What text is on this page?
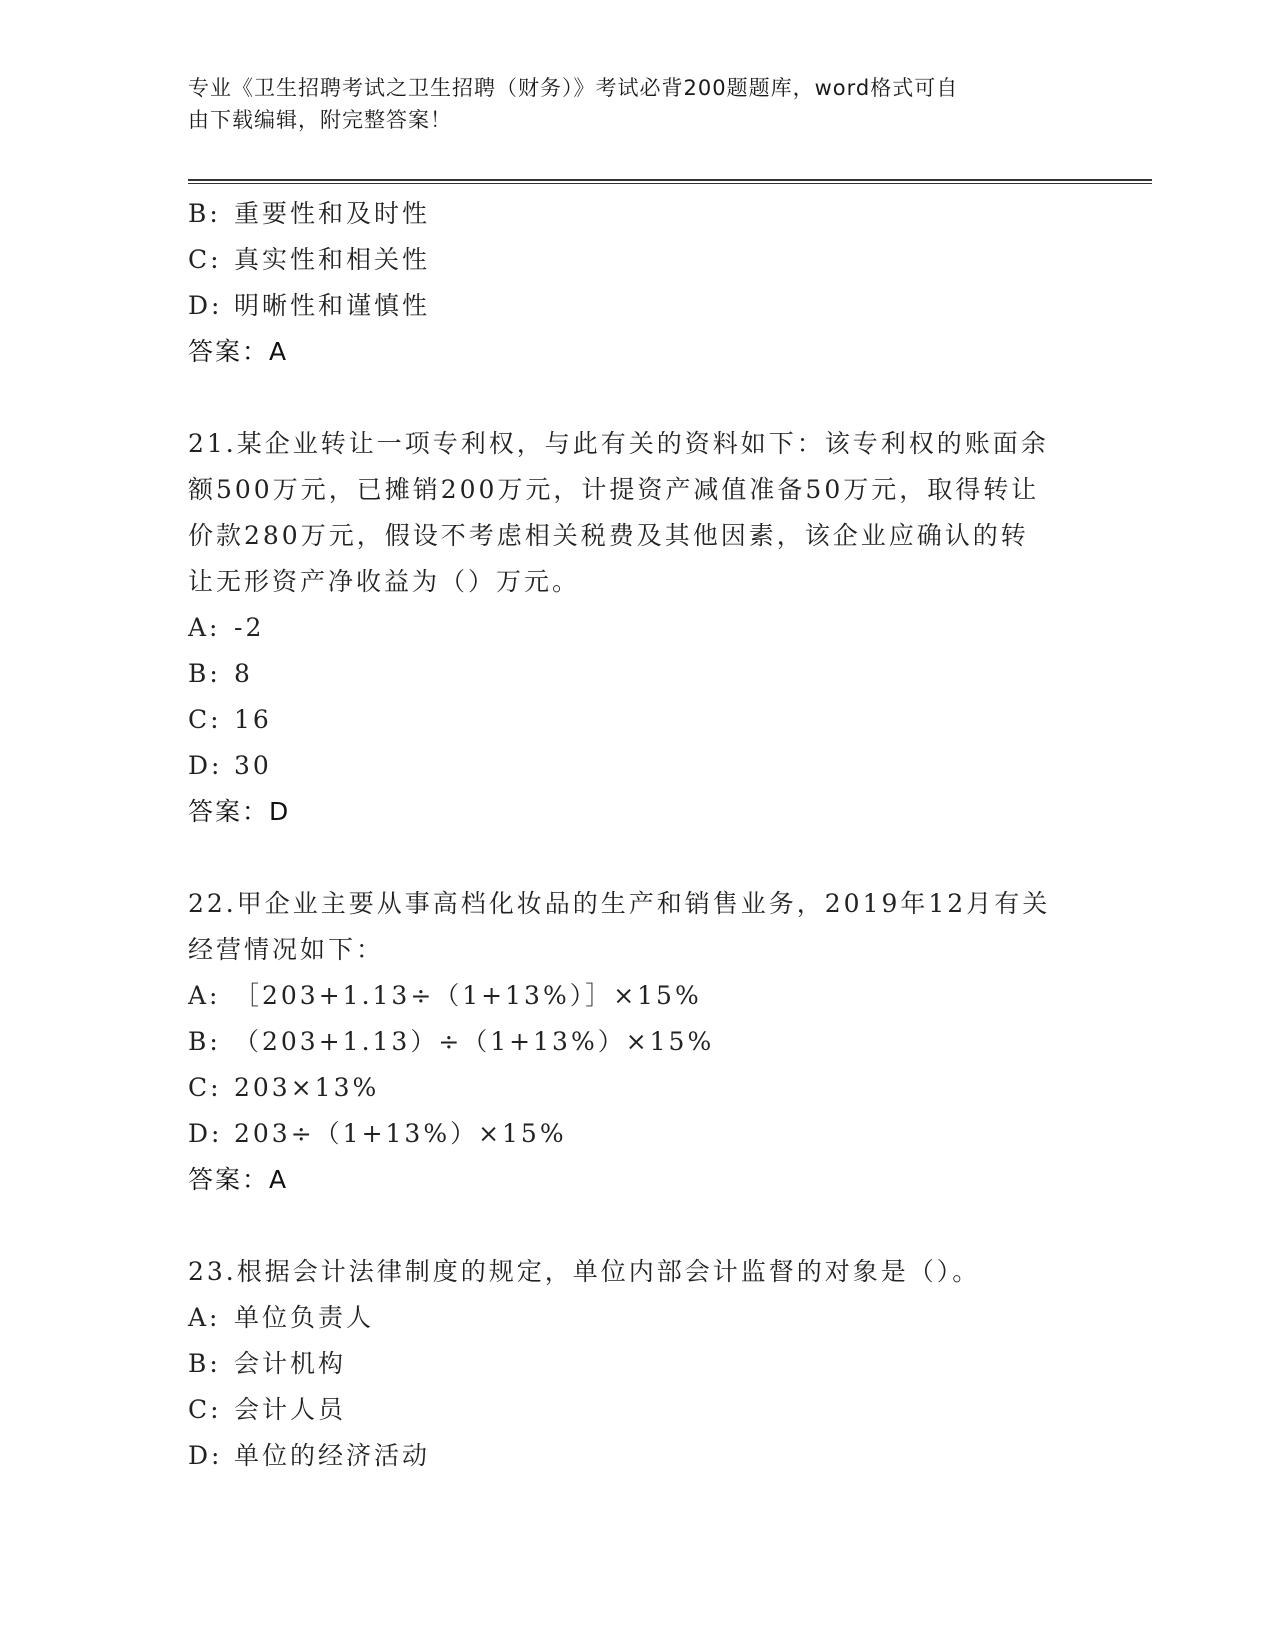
专业《卫生招聘考试之卫生招聘（财务）》考试必背200题题库，word格式可自
由下载编辑，附完整答案！
B: 重要性和及时性
C: 真实性和相关性
D: 明晰性和谨慎性
答案：A
21.某企业转让一项专利权，与此有关的资料如下：该专利权的账面余
额500万元，已摊销200万元，计提资产减值准备50万元，取得转让
价款280万元，假设不考虑相关税费及其他因素，该企业应确认的转
让无形资产净收益为（）万元。
A: -2
B: 8
C: 16
D: 30
答案：D
22.甲企业主要从事高档化妆品的生产和销售业务，2019年12月有关
经营情况如下：
A: ［203+1.13÷（1+13%）］×15%
B: （203+1.13）÷（1+13%）×15%
C: 203×13%
D: 203÷（1+13%）×15%
答案：A
23.根据会计法律制度的规定，单位内部会计监督的对象是（）。
A: 单位负责人
B: 会计机构
C: 会计人员
D: 单位的经济活动
